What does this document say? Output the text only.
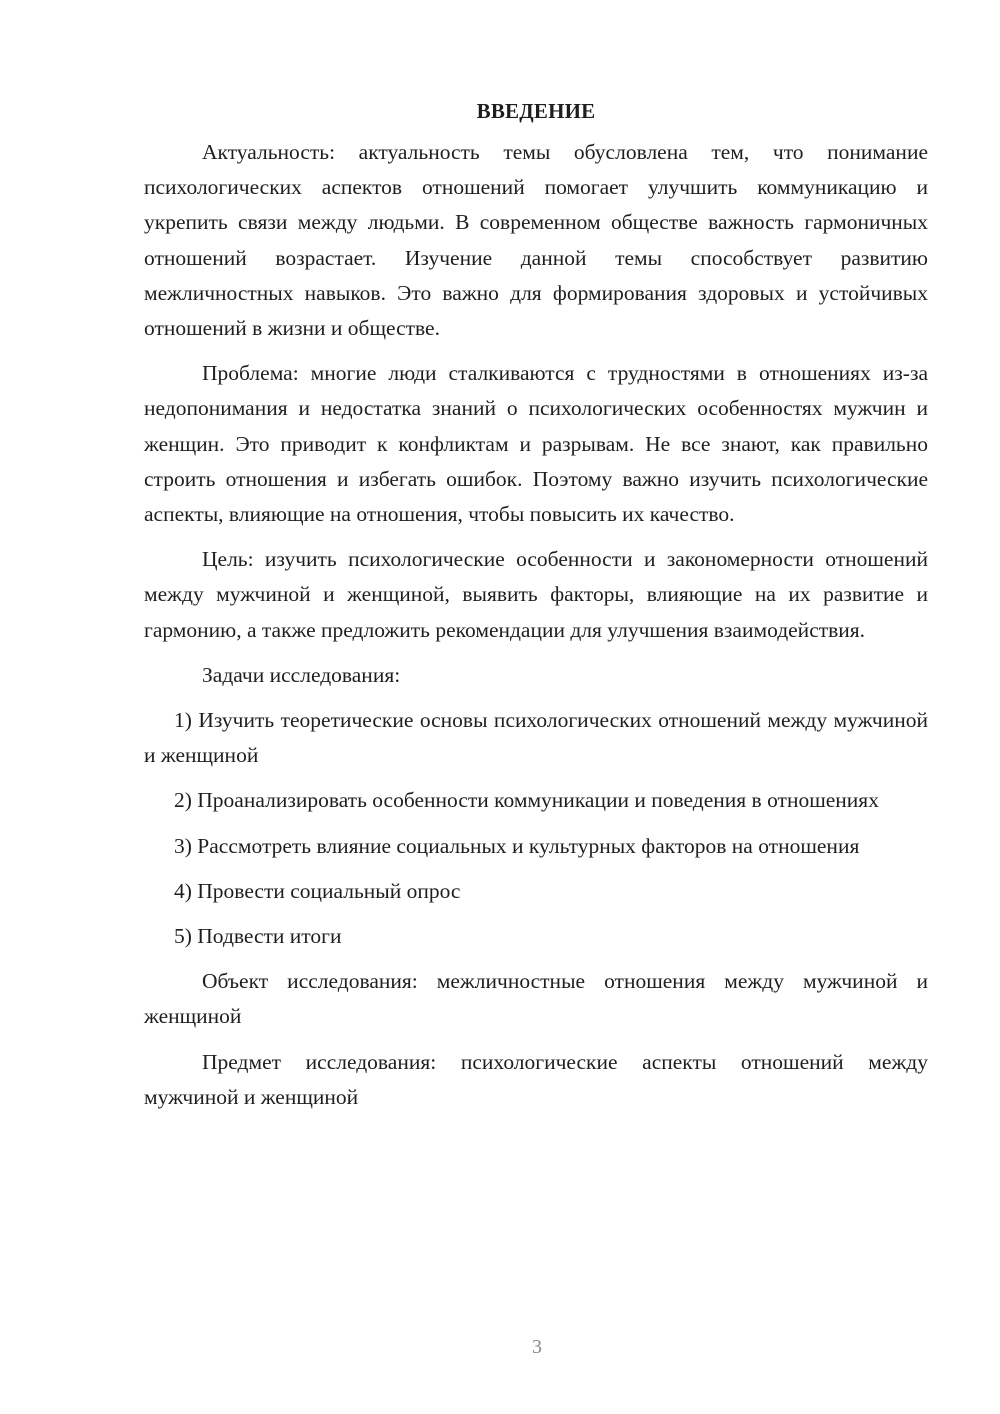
ВВЕДЕНИЕ

Актуальность: актуальность темы обусловлена тем, что понимание психологических аспектов отношений помогает улучшить коммуникацию и укрепить связи между людьми. В современном обществе важность гармоничных отношений возрастает. Изучение данной темы способствует развитию межличностных навыков. Это важно для формирования здоровых и устойчивых отношений в жизни и обществе.

Проблема: многие люди сталкиваются с трудностями в отношениях из-за недопонимания и недостатка знаний о психологических особенностях мужчин и женщин. Это приводит к конфликтам и разрывам. Не все знают, как правильно строить отношения и избегать ошибок. Поэтому важно изучить психологические аспекты, влияющие на отношения, чтобы повысить их качество.

Цель: изучить психологические особенности и закономерности отношений между мужчиной и женщиной, выявить факторы, влияющие на их развитие и гармонию, а также предложить рекомендации для улучшения взаимодействия.

Задачи исследования:

1) Изучить теоретические основы психологических отношений между мужчиной и женщиной

2) Проанализировать особенности коммуникации и поведения в отношениях

3) Рассмотреть влияние социальных и культурных факторов на отношения

4) Провести социальный опрос

5) Подвести итоги

Объект исследования: межличностные отношения между мужчиной и женщиной

Предмет исследования: психологические аспекты отношений между мужчиной и женщиной

3
